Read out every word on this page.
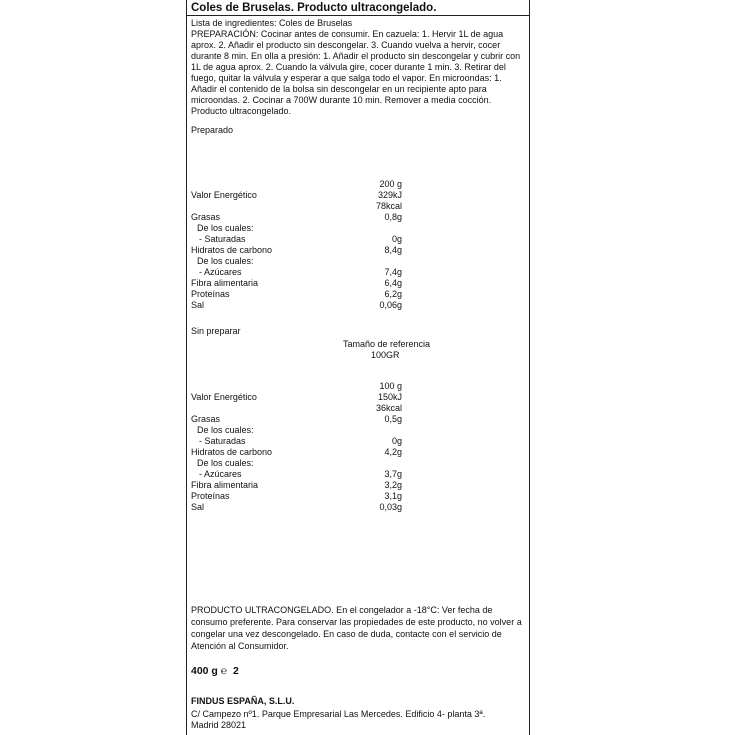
Coles de Bruselas. Producto ultracongelado.
Lista de ingredientes: Coles de Bruselas
PREPARACIÓN: Cocinar antes de consumir. En cazuela: 1. Hervir 1L de agua
aprox. 2. Añadir el producto sin descongelar. 3. Cuando vuelva a hervir, cocer
durante 8 min. En olla a presión: 1. Añadir el producto sin descongelar y cubrir con
1L de agua aprox. 2. Cuando la válvula gire, cocer durante 1 min. 3. Retirar del
fuego, quitar la válvula y esperar a que salga todo el vapor. En microondas: 1.
Añadir el contenido de la bolsa sin descongelar en un recipiente apto para
microondas. 2. Cocinar a 700W durante 10 min. Remover a media cocción.
Producto ultracongelado.
Preparado
200 g
Valor Energético	329kJ
78kcal
Grasas	0,8g
De los cuales:
- Saturadas	0g
Hidratos de carbono	8,4g
De los cuales:
- Azúcares	7,4g
Fibra alimentaria	6,4g
Proteínas	6,2g
Sal	0,06g
Sin preparar
Tamaño de referencia
100GR
100 g
Valor Energético	150kJ
36kcal
Grasas	0,5g
De los cuales:
- Saturadas	0g
Hidratos de carbono	4,2g
De los cuales:
- Azúcares	3,7g
Fibra alimentaria	3,2g
Proteínas	3,1g
Sal	0,03g
PRODUCTO ULTRACONGELADO. En el congelador a -18°C: Ver fecha de
consumo preferente. Para conservar las propiedades de este producto, no volver a
congelar una vez descongelado. En caso de duda, contacte con el servicio de
Atención al Consumidor.
400 g ℮ 2
FINDUS ESPAÑA, S.L.U.
C/ Campezo nº1. Parque Empresarial Las Mercedes. Edificio 4- planta 3ª.
Madrid 28021
